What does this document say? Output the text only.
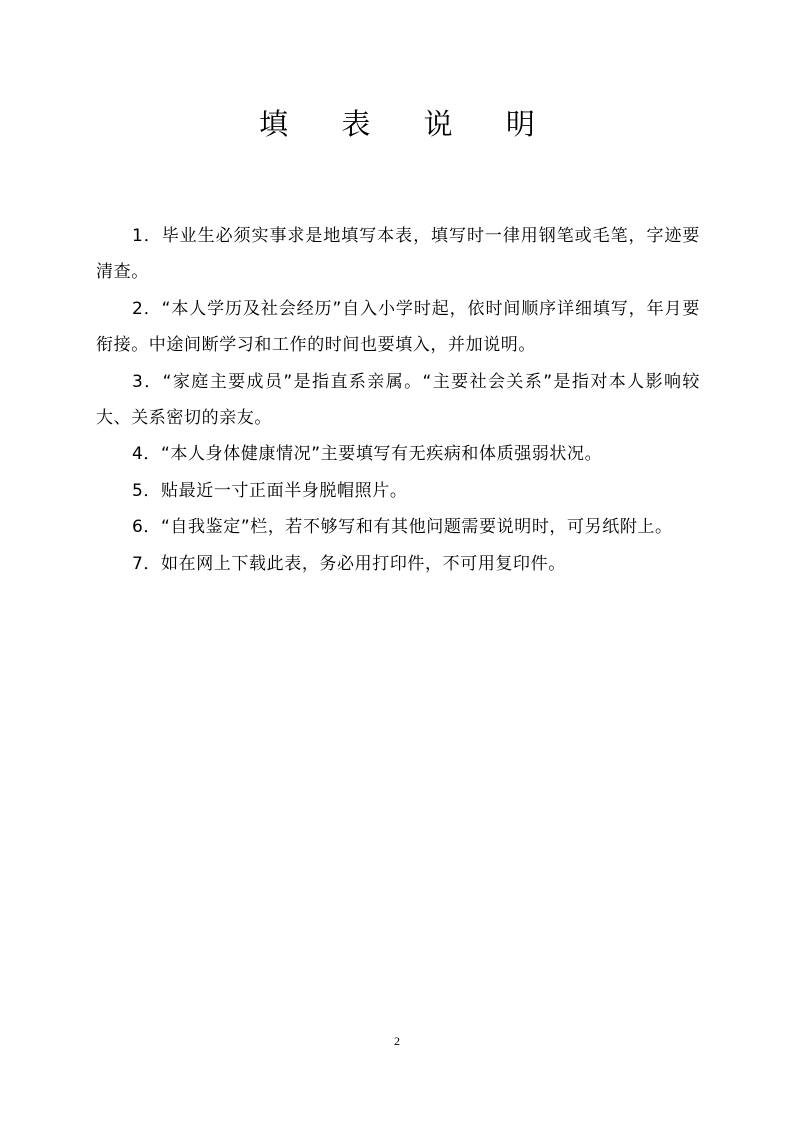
填 表 说 明

1．毕业生必须实事求是地填写本表，填写时一律用钢笔或毛笔，字迹要清查。

2．“本人学历及社会经历”自入小学时起，依时间顺序详细填写，年月要衔接。中途间断学习和工作的时间也要填入，并加说明。

3．“家庭主要成员”是指直系亲属。“主要社会关系”是指对本人影响较大、关系密切的亲友。

4．“本人身体健康情况”主要填写有无疾病和体质强弱状况。

5．贴最近一寸正面半身脱帽照片。

6．“自我鉴定”栏，若不够写和有其他问题需要说明时，可另纸附上。

7．如在网上下载此表，务必用打印件，不可用复印件。

2
